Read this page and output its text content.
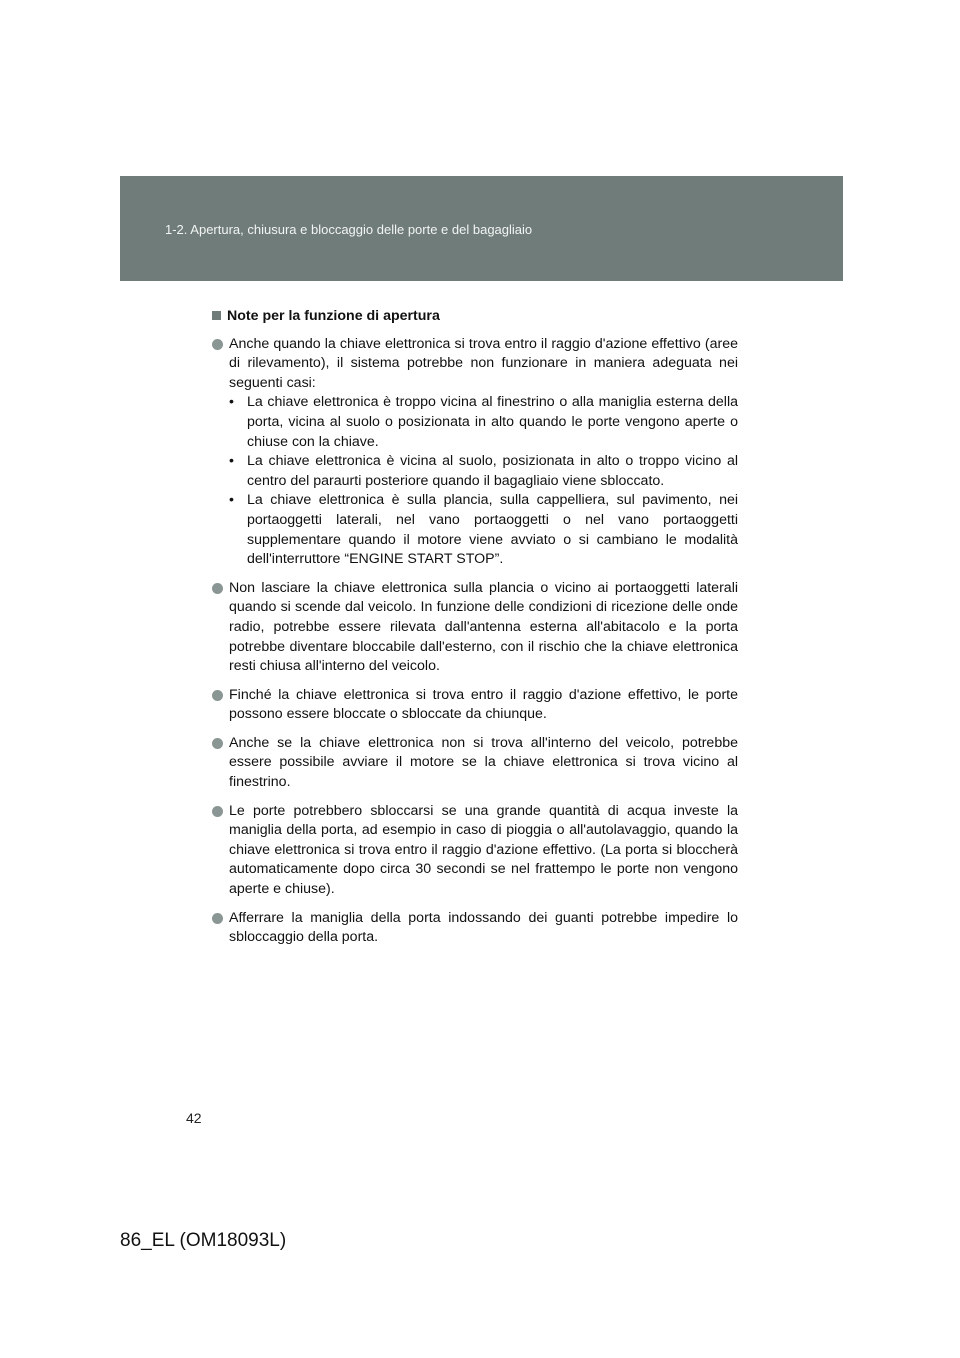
1-2. Apertura, chiusura e bloccaggio delle porte e del bagagliaio
Note per la funzione di apertura
Anche quando la chiave elettronica si trova entro il raggio d'azione effettivo (aree di rilevamento), il sistema potrebbe non funzionare in maniera adeguata nei seguenti casi:
• La chiave elettronica è troppo vicina al finestrino o alla maniglia esterna della porta, vicina al suolo o posizionata in alto quando le porte vengono aperte o chiuse con la chiave.
• La chiave elettronica è vicina al suolo, posizionata in alto o troppo vicino al centro del paraurti posteriore quando il bagagliaio viene sbloccato.
• La chiave elettronica è sulla plancia, sulla cappelliera, sul pavimento, nei portaoggetti laterali, nel vano portaoggetti o nel vano portaoggetti supplementare quando il motore viene avviato o si cambiano le modalità dell'interruttore “ENGINE START STOP”.
Non lasciare la chiave elettronica sulla plancia o vicino ai portaoggetti laterali quando si scende dal veicolo. In funzione delle condizioni di ricezione delle onde radio, potrebbe essere rilevata dall'antenna esterna all'abitacolo e la porta potrebbe diventare bloccabile dall'esterno, con il rischio che la chiave elettronica resti chiusa all'interno del veicolo.
Finché la chiave elettronica si trova entro il raggio d'azione effettivo, le porte possono essere bloccate o sbloccate da chiunque.
Anche se la chiave elettronica non si trova all'interno del veicolo, potrebbe essere possibile avviare il motore se la chiave elettronica si trova vicino al finestrino.
Le porte potrebbero sbloccarsi se una grande quantità di acqua investe la maniglia della porta, ad esempio in caso di pioggia o all'autolavaggio, quando la chiave elettronica si trova entro il raggio d'azione effettivo. (La porta si bloccherà automaticamente dopo circa 30 secondi se nel frattempo le porte non vengono aperte e chiuse).
Afferrare la maniglia della porta indossando dei guanti potrebbe impedire lo sbloccaggio della porta.
42
86_EL (OM18093L)
